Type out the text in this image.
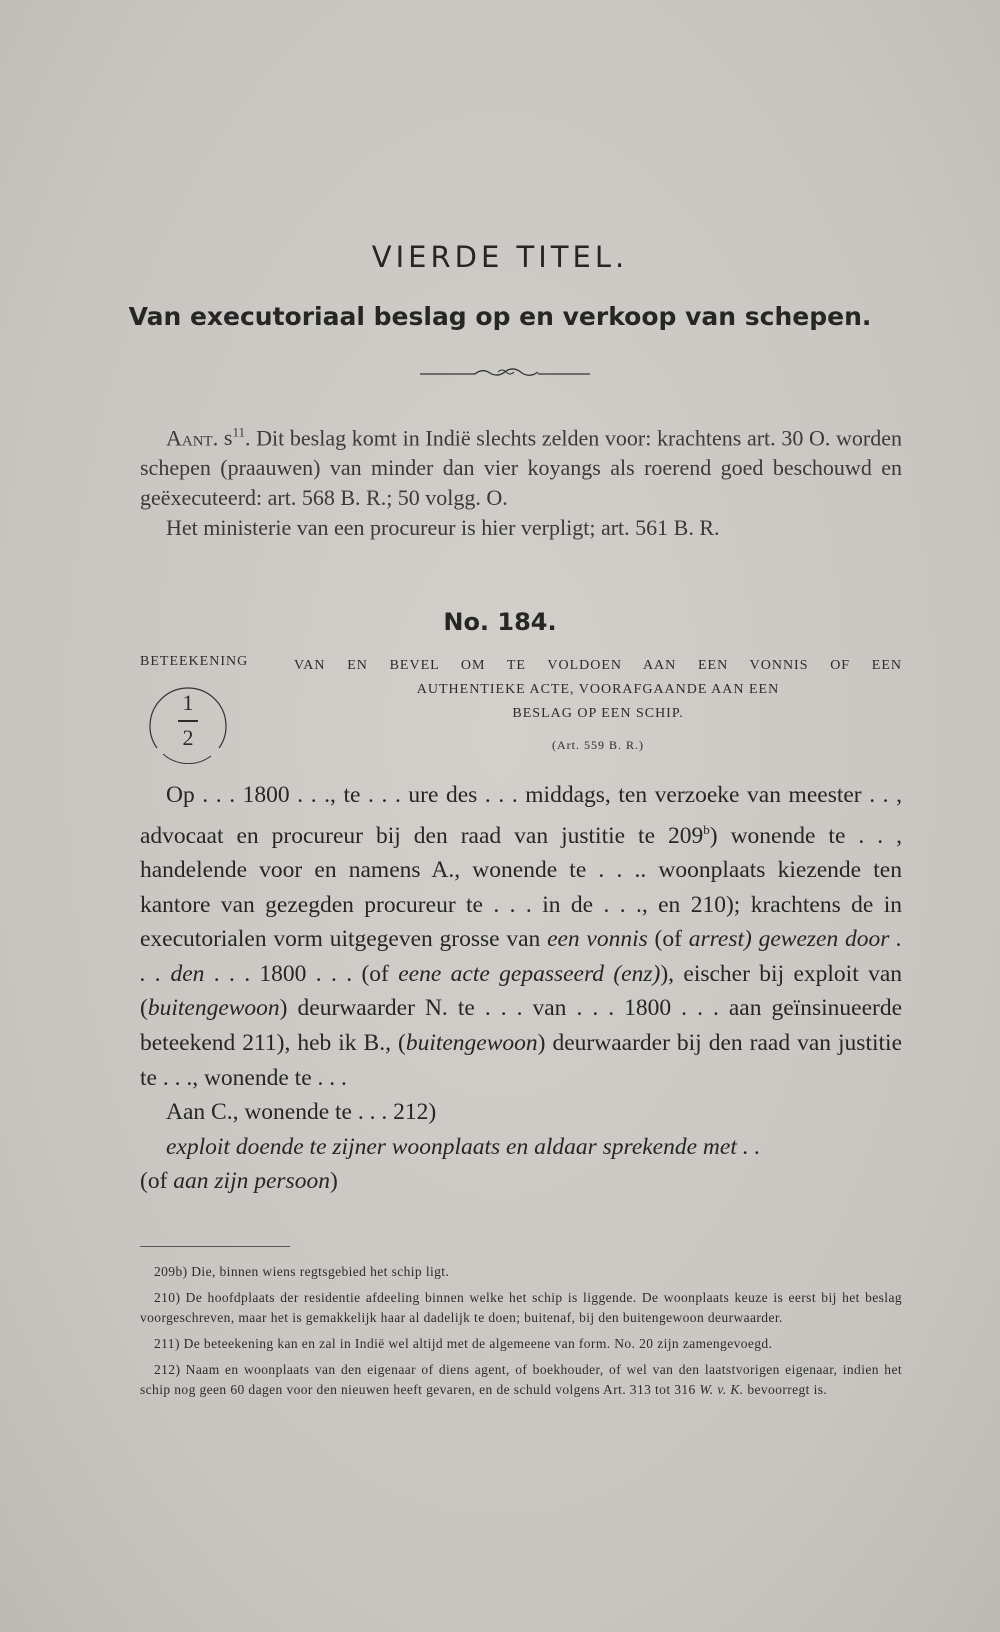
VIERDE TITEL.
Van executoriaal beslag op en verkoop van schepen.

Aant. $s^{11}$. Dit beslag komt in Indië slechts zelden voor: krachtens art. 30 O. worden schepen (praauwen) van minder dan vier koyangs als roerend goed beschouwd en geëxecuteerd: art. 568 B. R.; 50 volgg. O.

Het ministerie van een procureur is hier verpligt; art. 561 B. R.

No. 184.
BETEEKENING	VAN EN BEVEL OM TE VOLDOEN AAN EEN VONNIS OF EEN
AUTHENTIEKE ACTE, VOORAFGAANDE AAN EEN
BESLAG OP EEN SCHIP.
(Art. 559 B. R.)
1
2

Op . . . 1800 . . ., te . . . ure des . . . middags, ten verzoeke van meester . . , advocaat en procureur bij den raad van justitie te 209$^b$) wonende te . . , handelende voor en namens A., wonende te . . .. woonplaats kiezende ten kantore van gezegden procureur te . . . in de . . ., en 210); krachtens de in executorialen vorm uitgegeven grosse van een vonnis (of arrest) gewezen door . . . den . . . 1800 . . . (of eene acte gepasseerd (enz)), eischer bij exploit van (buitengewoon) deurwaarder N. te . . . van . . . 1800 . . . aan geïnsinueerde beteekend 211), heb ik B., (buitengewoon) deurwaarder bij den raad van justitie te . . ., wonende te . . .

Aan C., wonende te . . . 212)

exploit doende te zijner woonplaats en aldaar sprekende met . .

(of aan zijn persoon)

209b) Die, binnen wiens regtsgebied het schip ligt.

210) De hoofdplaats der residentie afdeeling binnen welke het schip is liggende. De woonplaats keuze is eerst bij het beslag voorgeschreven, maar het is gemakkelijk haar al dadelijk te doen; buitenaf, bij den buitengewoon deurwaarder.

211) De beteekening kan en zal in Indië wel altijd met de algemeene van form. No. 20 zijn zamengevoegd.

212) Naam en woonplaats van den eigenaar of diens agent, of boekhouder, of wel van den laatstvorigen eigenaar, indien het schip nog geen 60 dagen voor den nieuwen heeft gevaren, en de schuld volgens Art. 313 tot 316 W. v. K. bevoorregt is.
